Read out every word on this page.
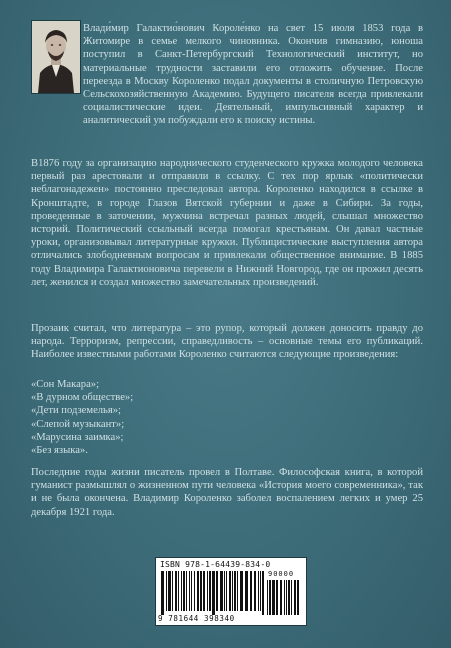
Влади́мир Галактио́нович Короле́нко на свет 15 июля 1853 года в Житомире в семье мелкого чиновника. Окончив гимназию, юноша поступил в Санкт-Петербургский Технологический институт, но материальные трудности заставили его отложить обучение. После переезда в Москву Короленко подал документы в столичную Петровскую Сельскохозяйственную Академию. Будущего писателя всегда привлекали социалистические идеи. Деятельный, импульсивный характер и аналитический ум побуждали его к поиску истины.
В1876 году за организацию народнического студенческого кружка молодого человека первый раз арестовали и отправили в ссылку. С тех пор ярлык «политически неблагонадежен» постоянно преследовал автора. Короленко находился в ссылке в Кронштадте, в городе Глазов Вятской губернии и даже в Сибири. За годы, проведенные в заточении, мужчина встречал разных людей, слышал множество историй. Политический ссыльный всегда помогал крестьянам. Он давал частные уроки, организовывал литературные кружки. Публицистические выступления автора отличались злободневным вопросам и привлекали общественное внимание. В 1885 году Владимира Галактионовича перевели в Нижний Новгород, где он прожил десять лет, женился и создал множество замечательных произведений.
Прозаик считал, что литература – это рупор, который должен доносить правду до народа. Терроризм, репрессии, справедливость – основные темы его публикаций. Наиболее известными работами Короленко считаются следующие произведения:
«Сон Макара»;
«В дурном обществе»;
«Дети подземелья»;
«Слепой музыкант»;
«Марусина заимка»;
«Без языка».
Последние годы жизни писатель провел в Полтаве. Философская книга, в которой гуманист размышлял о жизненном пути человека «История моего современника», так и не была окончена. Владимир Короленко заболел воспалением легких и умер 25 декабря 1921 года.
ISBN 978-1-64439-834-0
90000
9 781644 398340
